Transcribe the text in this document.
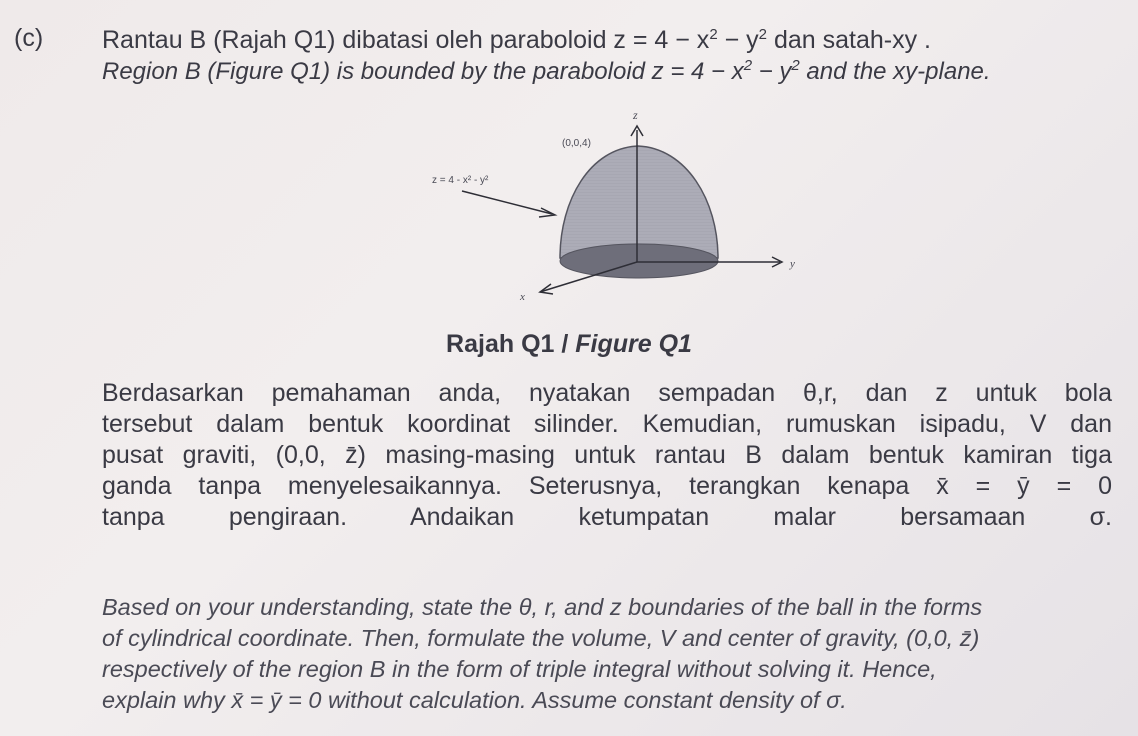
(c) Rantau B (Rajah Q1) dibatasi oleh paraboloid $z = 4 - x^2 - y^2$ dan satah-xy .
Region B (Figure Q1) is bounded by the paraboloid $z = 4 - x^2 - y^2$ and the xy-plane.
z
y
x
(0,0,4)
z = 4 - x² - y²
Rajah Q1 / Figure Q1
Berdasarkan pemahaman anda, nyatakan sempadan θ,r, dan z untuk bola
tersebut dalam bentuk koordinat silinder. Kemudian, rumuskan isipadu, V dan
pusat graviti, (0,0, z̄) masing-masing untuk rantau B dalam bentuk kamiran tiga
ganda tanpa menyelesaikannya. Seterusnya, terangkan kenapa x̄ = ȳ = 0
tanpa pengiraan. Andaikan ketumpatan malar bersamaan σ.
Based on your understanding, state the θ, r, and z boundaries of the ball in the forms
of cylindrical coordinate. Then, formulate the volume, V and center of gravity, (0,0, z̄)
respectively of the region B in the form of triple integral without solving it. Hence,
explain why x̄ = ȳ = 0 without calculation. Assume constant density of σ.
